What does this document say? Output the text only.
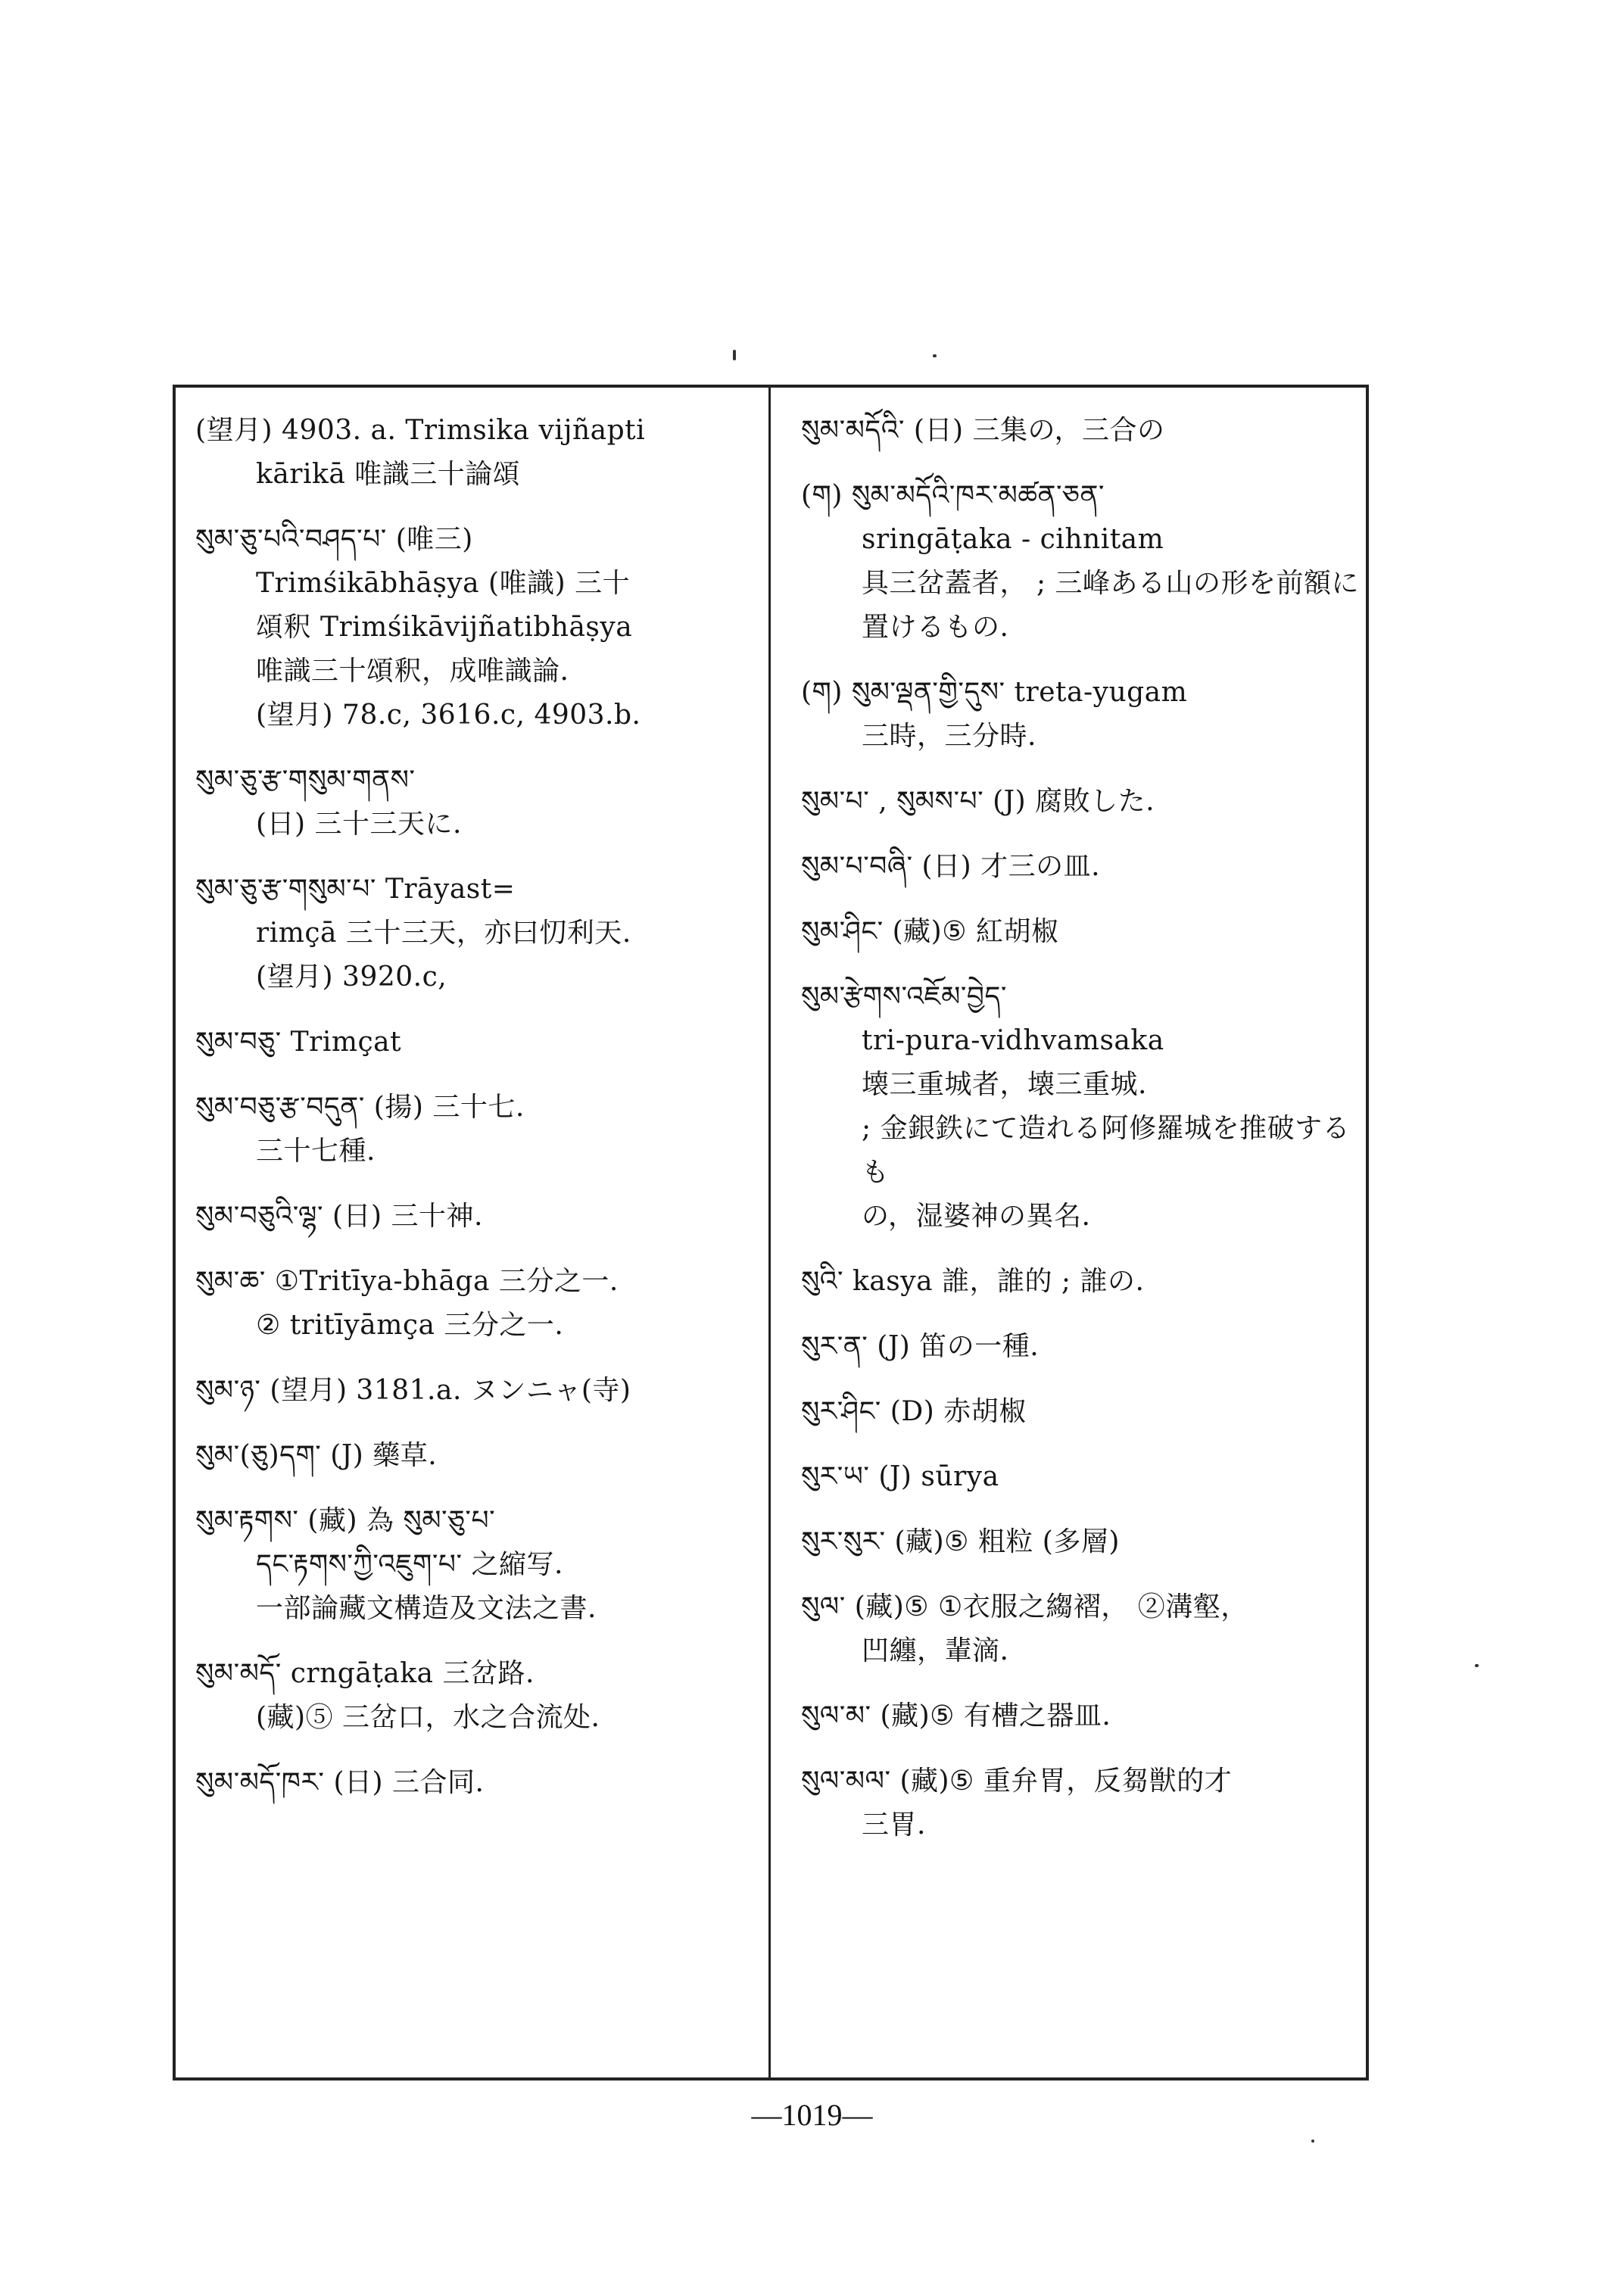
(望月) 4903. a. Trimsika vijñapti
kārikā 唯識三十論頌
སུམ་ཅུ་པའི་བཤད་པ་ (唯三)
Trimśikābhāṣya (唯識) 三十
頌釈 Trimśikāvijñatibhāṣya
唯識三十頌釈，成唯識論.
(望月) 78.c, 3616.c, 4903.b.
སུམ་ཅུ་རྩ་གསུམ་གནས་
(日) 三十三天に.
སུམ་ཅུ་རྩ་གསུམ་པ་ Trāyast=
rimçā 三十三天，亦曰忉利天.
(望月) 3920.c,
སུམ་བཅུ་ Trimçat
སུམ་བཅུ་རྩ་བདུན་ (揚) 三十七.
三十七種.
སུམ་བཅུའི་ལྷ་ (日) 三十神.
སུམ་ཆ་ ①Tritīya-bhāga 三分之一.
② tritīyāmça 三分之一.
སུམ་ཉ་ (望月) 3181.a. ヌンニャ(寺)
སུམ་(ཅུ)དག་ (J) 藥草.
སུམ་རྟགས་ (藏) 為 སུམ་ཅུ་པ་
དང་རྟགས་ཀྱི་འཇུག་པ་ 之縮写.
一部論藏文構造及文法之書.
སུམ་མདོ་ crngāṭaka 三岔路.
(藏)⑤ 三岔口，水之合流处.
སུམ་མདོ་ཁར་ (日) 三合同.
སུམ་མདོའི་ (日) 三集の，三合の
(ག) སུམ་མདོའི་ཁར་མཚན་ཅན་
sringāṭaka - cihnitam
具三岔蓋者， ; 三峰ある山の形を前額に
置けるもの.
(ག) སུམ་ལྡན་གྱི་དུས་ treta-yugam
三時，三分時.
སུམ་པ་ , སུམས་པ་ (J) 腐敗した.
སུམ་པ་བཞི་ (日) 才三の皿.
སུམ་ཤིང་ (藏)⑤ 紅胡椒
སུམ་རྩེགས་འཇོམ་བྱེད་
tri-pura-vidhvamsaka
壊三重城者，壊三重城.
; 金銀鉄にて造れる阿修羅城を推破するも
の，湿婆神の異名.
སུའི་ kasya 誰，誰的 ; 誰の.
སུར་ན་ (J) 笛の一種.
སུར་ཤིང་ (D) 赤胡椒
སུར་ཡ་ (J) sūrya
སུར་སུར་ (藏)⑤ 粗粒 (多層)
སུལ་ (藏)⑤ ①衣服之縐褶， ②溝壑，
凹纏，輩滴.
སུལ་མ་ (藏)⑤ 有槽之器皿.
སུལ་མལ་ (藏)⑤ 重弁胃，反芻獣的才
三胃.
—1019—
